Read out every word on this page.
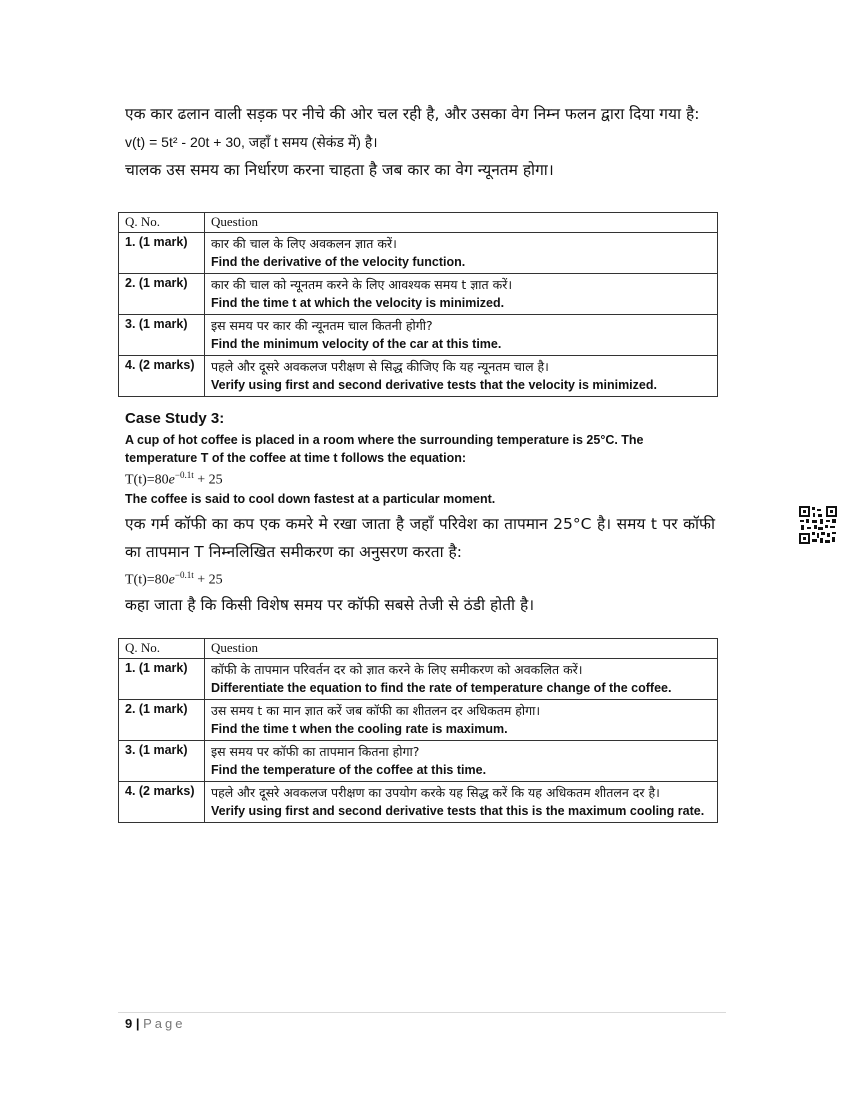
एक कार ढलान वाली सड़क पर नीचे की ओर चल रही है, और उसका वेग निम्न फलन द्वारा दिया गया है:
v(t) = 5t² - 20t + 30, जहाँ t समय (सेकंड में) है।
चालक उस समय का निर्धारण करना चाहता है जब कार का वेग न्यूनतम होगा।
Q. No.	Question
1. (1 mark)	कार की चाल के लिए अवकलन ज्ञात करें।
Find the derivative of the velocity function.

2. (1 mark)	कार की चाल को न्यूनतम करने के लिए आवश्यक समय t ज्ञात करें।
Find the time t at which the velocity is minimized.

3. (1 mark)	इस समय पर कार की न्यूनतम चाल कितनी होगी?
Find the minimum velocity of the car at this time.

4. (2 marks)	पहले और दूसरे अवकलज परीक्षण से सिद्ध कीजिए कि यह न्यूनतम चाल है।
Verify using first and second derivative tests that the velocity is minimized.
Case Study 3:
A cup of hot coffee is placed in a room where the surrounding temperature is 25°C. The temperature T of the coffee at time t follows the equation:
$T(t)=80e^{-0.1t} + 25$
The coffee is said to cool down fastest at a particular moment.
एक गर्म कॉफी का कप एक कमरे मे रखा जाता है जहाँ परिवेश का तापमान 25°C है। समय t पर कॉफी का तापमान T निम्नलिखित समीकरण का अनुसरण करता है:
$T(t)=80e^{-0.1t} + 25$
कहा जाता है कि किसी विशेष समय पर कॉफी सबसे तेजी से ठंडी होती है।
Q. No.	Question
1. (1 mark)	कॉफी के तापमान परिवर्तन दर को ज्ञात करने के लिए समीकरण को अवकलित करें।
Differentiate the equation to find the rate of temperature change of the coffee.

2. (1 mark)	उस समय t का मान ज्ञात करें जब कॉफी का शीतलन दर अधिकतम होगा।
Find the time t when the cooling rate is maximum.

3. (1 mark)	इस समय पर कॉफी का तापमान कितना होगा?
Find the temperature of the coffee at this time.

4. (2 marks)	पहले और दूसरे अवकलज परीक्षण का उपयोग करके यह सिद्ध करें कि यह अधिकतम शीतलन दर है।
Verify using first and second derivative tests that this is the maximum cooling rate.
9 | Page
